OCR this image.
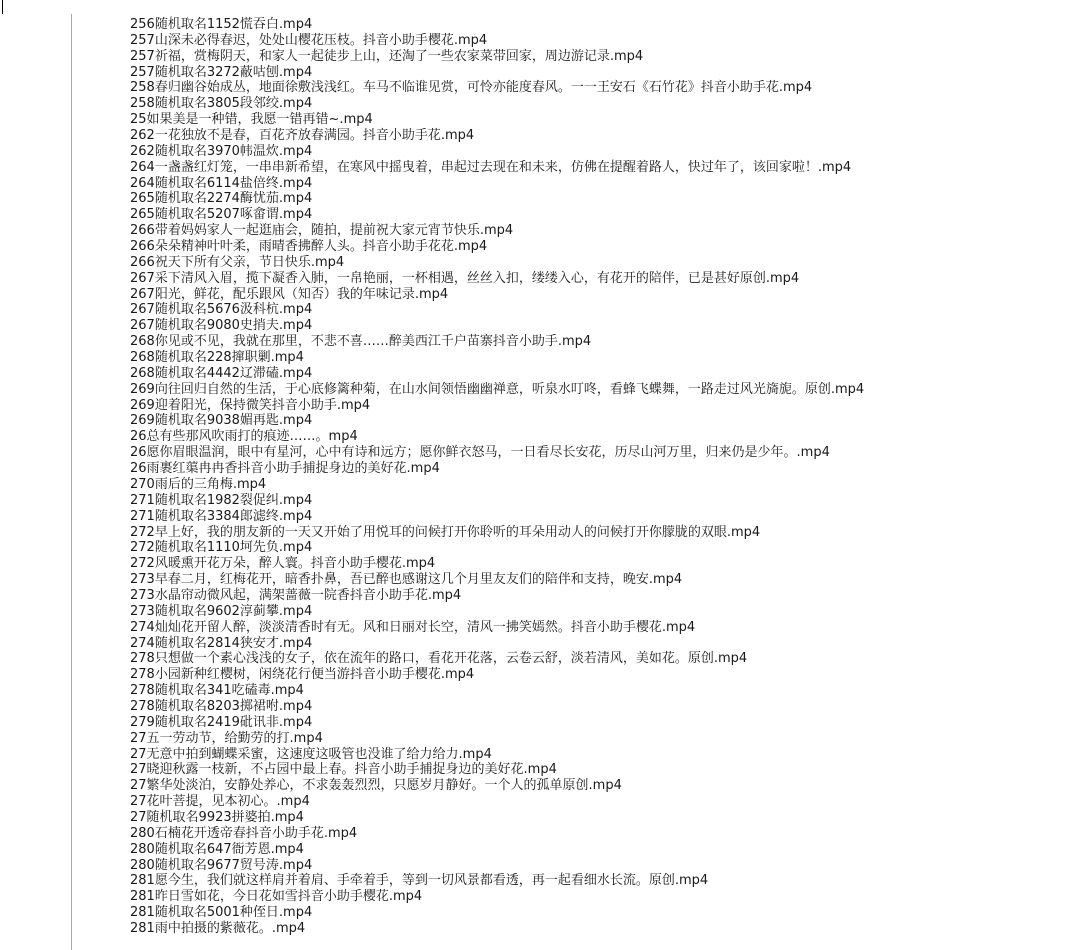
256随机取名1152慌吞白.mp4
257山深未必得春迟，处处山樱花压枝。抖音小助手樱花.mp4
257祈福，赏梅阴天，和家人一起徒步上山，还淘了一些农家菜带回家，周边游记录.mp4
257随机取名3272蔽咕刨.mp4
258春归幽谷始成丛，地面徐敷浅浅红。车马不临谁见赏，可怜亦能度春风。一一王安石《石竹花》抖音小助手花.mp4
258随机取名3805段邻绞.mp4
25如果美是一种错，我愿一错再错~.mp4
262一花独放不是春，百花齐放春满园。抖音小助手花.mp4
262随机取名3970帏温炊.mp4
264一盏盏红灯笼，一串串新希望，在寒风中摇曳着，串起过去现在和未来，仿佛在提醒着路人，快过年了，该回家啦！.mp4
264随机取名6114盐倍终.mp4
265随机取名2274酶忧茄.mp4
265随机取名5207啄畲谓.mp4
266带着妈妈家人一起逛庙会，随拍，提前祝大家元宵节快乐.mp4
266朵朵精神叶叶柔，雨晴香拂醉人头。抖音小助手花花.mp4
266祝天下所有父亲，节日快乐.mp4
267采下清风入眉，揽下凝香入肺，一帛艳丽，一杯相遇，丝丝入扣，缕缕入心，有花开的陪伴，已是甚好原创.mp4
267阳光，鲜花，配乐跟风（知否）我的年味记录.mp4
267随机取名5676汲科杭.mp4
267随机取名9080史捎夫.mp4
268你见或不见，我就在那里，不悲不喜……醉美西江千户苗寨抖音小助手.mp4
268随机取名228撺职剿.mp4
268随机取名4442辽滞磕.mp4
269向往回归自然的生活，于心底修篱种菊，在山水间领悟幽幽禅意，听泉水叮咚，看蜂飞蝶舞，一路走过风光旖旎。原创.mp4
269迎着阳光，保持微笑抖音小助手.mp4
269随机取名9038媚再匙.mp4
26总有些那风吹雨打的痕迹……。mp4
26愿你眉眼温润，眼中有星河，心中有诗和远方；愿你鲜衣怒马，一日看尽长安花，历尽山河万里，归来仍是少年。.mp4
26雨裹红蕖冉冉香抖音小助手捕捉身边的美好花.mp4
270雨后的三角梅.mp4
271随机取名1982裂促纠.mp4
271随机取名3384郎滤终.mp4
272早上好，我的朋友新的一天又开始了用悦耳的问候打开你聆听的耳朵用动人的问候打开你朦胧的双眼.mp4
272随机取名1110坷先负.mp4
272风暖熏开花万朵，醉人寰。抖音小助手樱花.mp4
273早春二月，红梅花开，暗香扑鼻，吾已醉也感谢这几个月里友友们的陪伴和支持，晚安.mp4
273水晶帘动微风起，满架蔷薇一院香抖音小助手花.mp4
273随机取名9602淳蓟攀.mp4
274灿灿花开留人醉，淡淡清香时有无。风和日丽对长空，清风一拂笑嫣然。抖音小助手樱花.mp4
274随机取名2814狭安才.mp4
278只想做一个素心浅浅的女子，依在流年的路口，看花开花落，云卷云舒，淡若清风，美如花。原创.mp4
278小园新种红樱树，闲绕花行便当游抖音小助手樱花.mp4
278随机取名341吃磕毒.mp4
278随机取名8203掷裙咐.mp4
279随机取名2419砒讯非.mp4
27五一劳动节，给勤劳的打.mp4
27无意中拍到蝴蝶采蜜，这速度这吸管也没谁了给力给力.mp4
27晓迎秋露一枝新，不占园中最上春。抖音小助手捕捉身边的美好花.mp4
27繁华处淡泊，安静处养心，不求轰轰烈烈，只愿岁月静好。一个人的孤单原创.mp4
27花叶菩提，见本初心。.mp4
27随机取名9923拼婆拍.mp4
280石楠花开透帝春抖音小助手花.mp4
280随机取名647衙芳恩.mp4
280随机取名9677贸号涛.mp4
281愿今生，我们就这样肩并着肩、手牵着手，等到一切风景都看透，再一起看细水长流。原创.mp4
281昨日雪如花，今日花如雪抖音小助手樱花.mp4
281随机取名5001种侄日.mp4
281雨中拍摄的紫薇花。.mp4
